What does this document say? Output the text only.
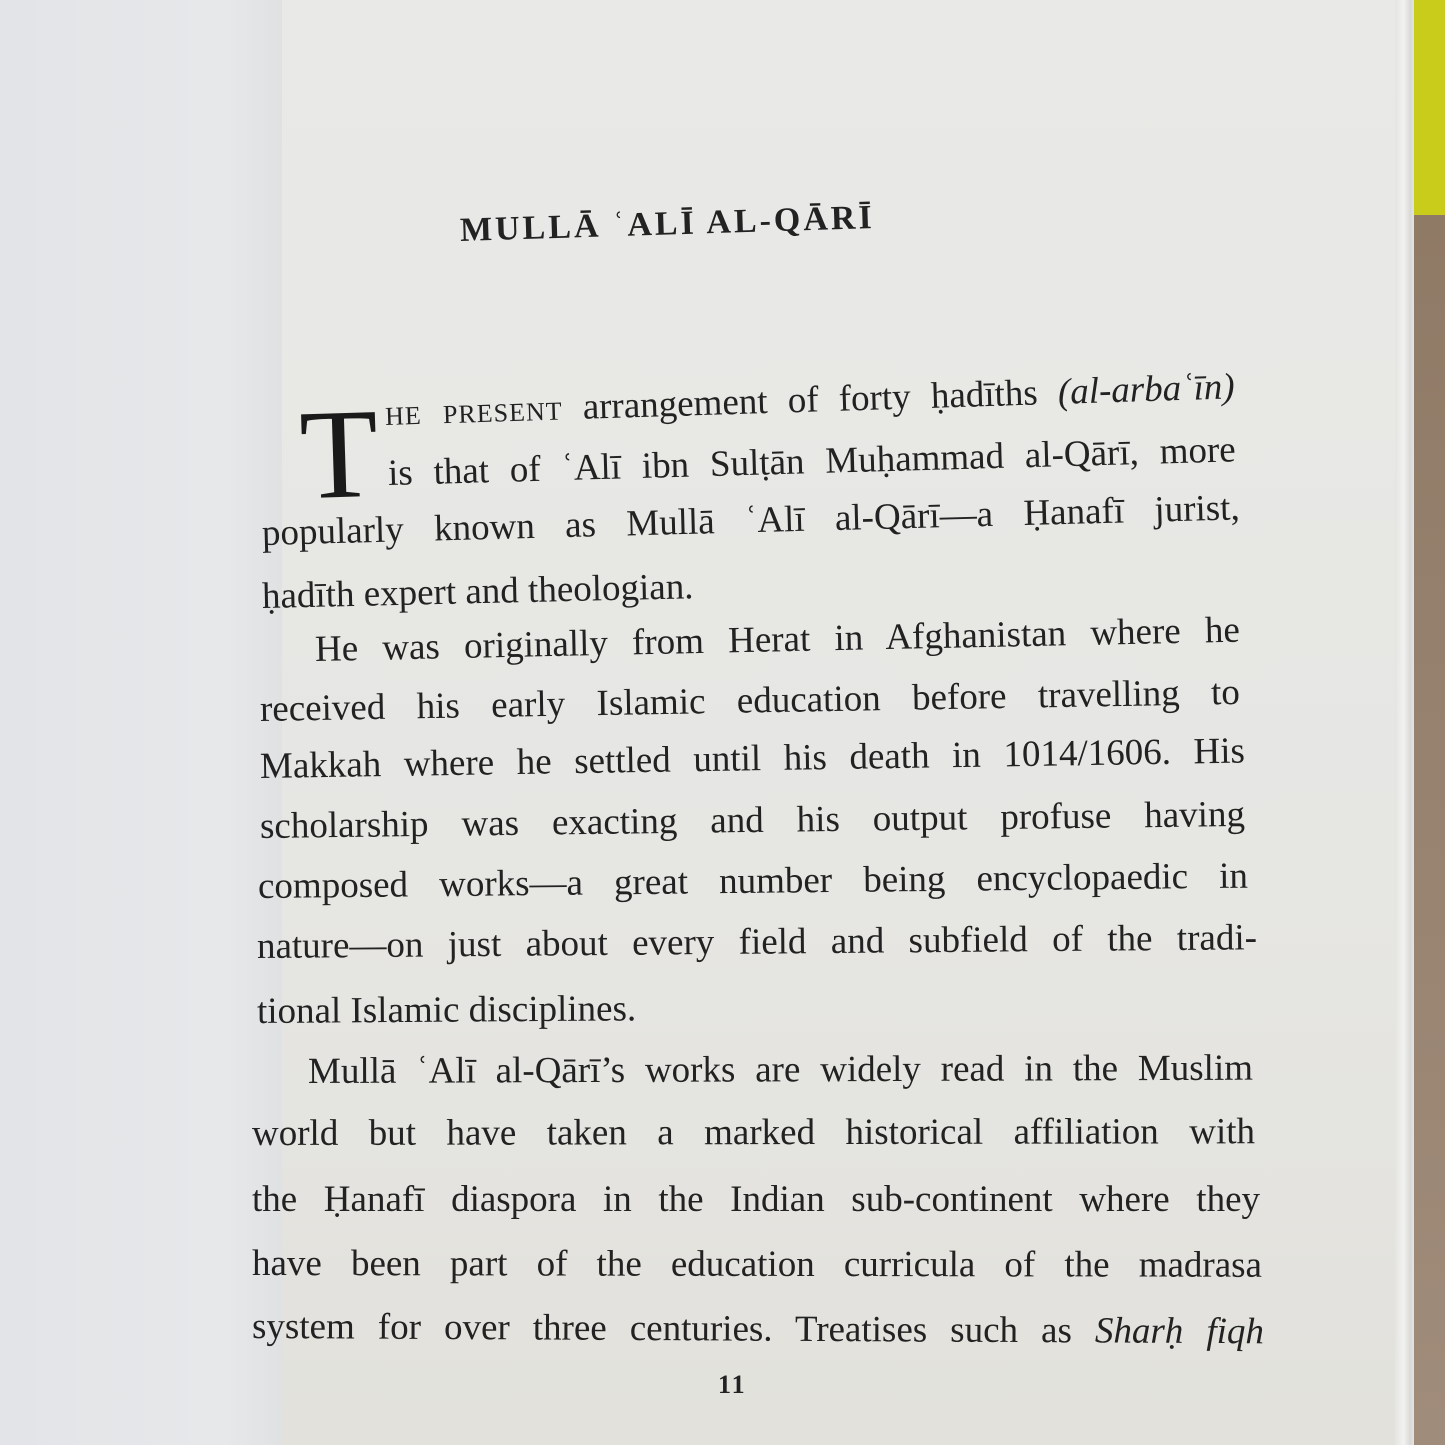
MULLĀ ʿALĪ AL-QĀRĪ
T he present arrangement of forty ḥadīths (al-arbaʿīn)
is that of ʿAlī ibn Sulṭān Muḥammad al-Qārī, more
popularly known as Mullā ʿAlī al-Qārī—a Ḥanafī jurist,
ḥadīth expert and theologian.
He was originally from Herat in Afghanistan where he
received his early Islamic education before travelling to
Makkah where he settled until his death in 1014/1606. His
scholarship was exacting and his output profuse having
composed works—a great number being encyclopaedic in
nature—on just about every field and subfield of the tradi-
tional Islamic disciplines.
Mullā ʿAlī al-Qārī’s works are widely read in the Muslim
world but have taken a marked historical affiliation with
the Ḥanafī diaspora in the Indian sub-continent where they
have been part of the education curricula of the madrasa
system for over three centuries. Treatises such as Sharḥ fiqh
11
